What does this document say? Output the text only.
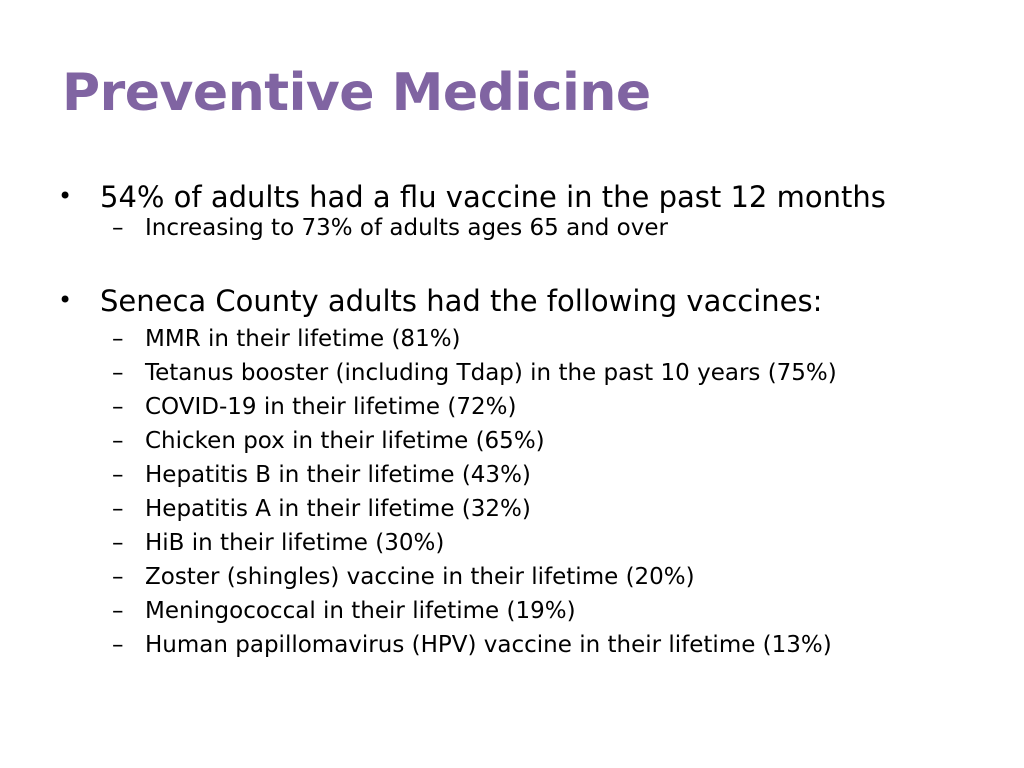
Preventive Medicine
• 54% of adults had a flu vaccine in the past 12 months
– Increasing to 73% of adults ages 65 and over
• Seneca County adults had the following vaccines:
– MMR in their lifetime (81%)
– Tetanus booster (including Tdap) in the past 10 years (75%)
– COVID-19 in their lifetime (72%)
– Chicken pox in their lifetime (65%)
– Hepatitis B in their lifetime (43%)
– Hepatitis A in their lifetime (32%)
– HiB in their lifetime (30%)
– Zoster (shingles) vaccine in their lifetime (20%)
– Meningococcal in their lifetime (19%)
– Human papillomavirus (HPV) vaccine in their lifetime (13%)
